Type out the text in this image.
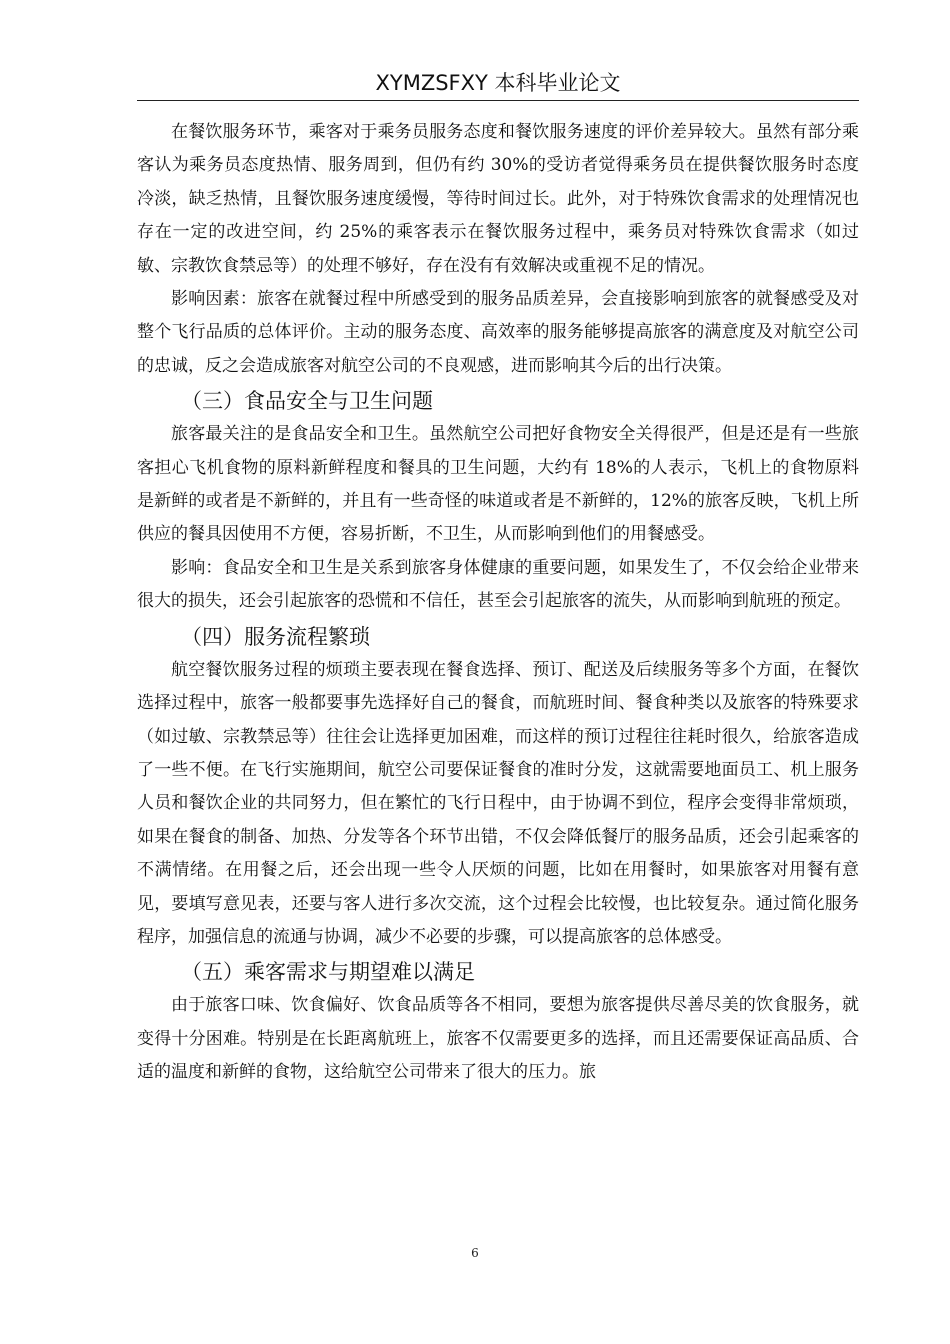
XYMZSFXY 本科毕业论文

在餐饮服务环节，乘客对于乘务员服务态度和餐饮服务速度的评价差异较大。虽然有部分乘客认为乘务员态度热情、服务周到，但仍有约 30%的受访者觉得乘务员在提供餐饮服务时态度冷淡，缺乏热情，且餐饮服务速度缓慢，等待时间过长。此外，对于特殊饮食需求的处理情况也存在一定的改进空间，约 25%的乘客表示在餐饮服务过程中，乘务员对特殊饮食需求（如过敏、宗教饮食禁忌等）的处理不够好，存在没有有效解决或重视不足的情况。

影响因素：旅客在就餐过程中所感受到的服务品质差异，会直接影响到旅客的就餐感受及对整个飞行品质的总体评价。主动的服务态度、高效率的服务能够提高旅客的满意度及对航空公司的忠诚，反之会造成旅客对航空公司的不良观感，进而影响其今后的出行决策。

（三）食品安全与卫生问题

旅客最关注的是食品安全和卫生。虽然航空公司把好食物安全关得很严，但是还是有一些旅客担心飞机食物的原料新鲜程度和餐具的卫生问题，大约有 18%的人表示，飞机上的食物原料是新鲜的或者是不新鲜的，并且有一些奇怪的味道或者是不新鲜的，12%的旅客反映，飞机上所供应的餐具因使用不方便，容易折断，不卫生，从而影响到他们的用餐感受。

影响：食品安全和卫生是关系到旅客身体健康的重要问题，如果发生了，不仅会给企业带来很大的损失，还会引起旅客的恐慌和不信任，甚至会引起旅客的流失，从而影响到航班的预定。

（四）服务流程繁琐

航空餐饮服务过程的烦琐主要表现在餐食选择、预订、配送及后续服务等多个方面，在餐饮选择过程中，旅客一般都要事先选择好自己的餐食，而航班时间、餐食种类以及旅客的特殊要求（如过敏、宗教禁忌等）往往会让选择更加困难，而这样的预订过程往往耗时很久，给旅客造成了一些不便。在飞行实施期间，航空公司要保证餐食的准时分发，这就需要地面员工、机上服务人员和餐饮企业的共同努力，但在繁忙的飞行日程中，由于协调不到位，程序会变得非常烦琐，如果在餐食的制备、加热、分发等各个环节出错，不仅会降低餐厅的服务品质，还会引起乘客的不满情绪。在用餐之后，还会出现一些令人厌烦的问题，比如在用餐时，如果旅客对用餐有意见，要填写意见表，还要与客人进行多次交流，这个过程会比较慢，也比较复杂。通过简化服务程序，加强信息的流通与协调，减少不必要的步骤，可以提高旅客的总体感受。

（五）乘客需求与期望难以满足

由于旅客口味、饮食偏好、饮食品质等各不相同，要想为旅客提供尽善尽美的饮食服务，就变得十分困难。特别是在长距离航班上，旅客不仅需要更多的选择，而且还需要保证高品质、合适的温度和新鲜的食物，这给航空公司带来了很大的压力。旅

6
